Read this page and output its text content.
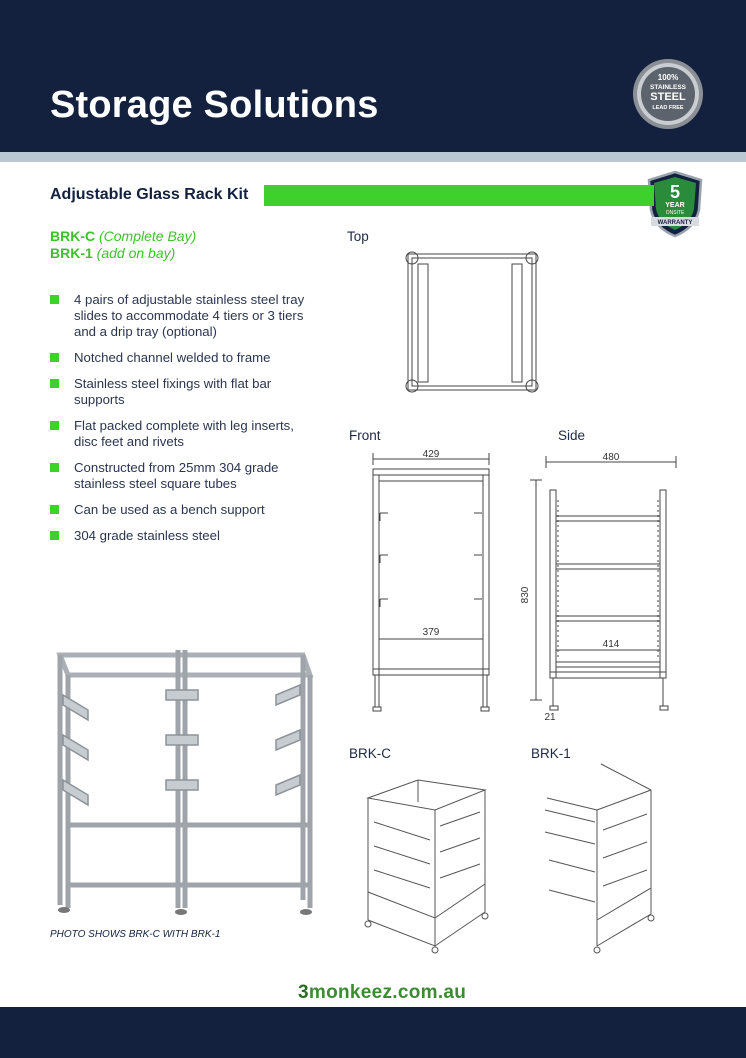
Storage Solutions
100%
STAINLESS
STEEL
LEAD FREE
5
YEAR
ONSITE
WARRANTY
Adjustable Glass Rack Kit
BRK-C (Complete Bay)
BRK-1 (add on bay)
4 pairs of adjustable stainless steel tray slides to accommodate 4 tiers or 3 tiers and a drip tray (optional)
Notched channel welded to frame
Stainless steel fixings with flat bar supports
Flat packed complete with leg inserts, disc feet and rivets
Constructed from 25mm 304 grade stainless steel square tubes
Can be used as a bench support
304 grade stainless steel
PHOTO SHOWS BRK-C WITH BRK-1
Top
Front	Side
BRK-C	BRK-1
429
379
480
830
414
21
3monkeez.com.au
